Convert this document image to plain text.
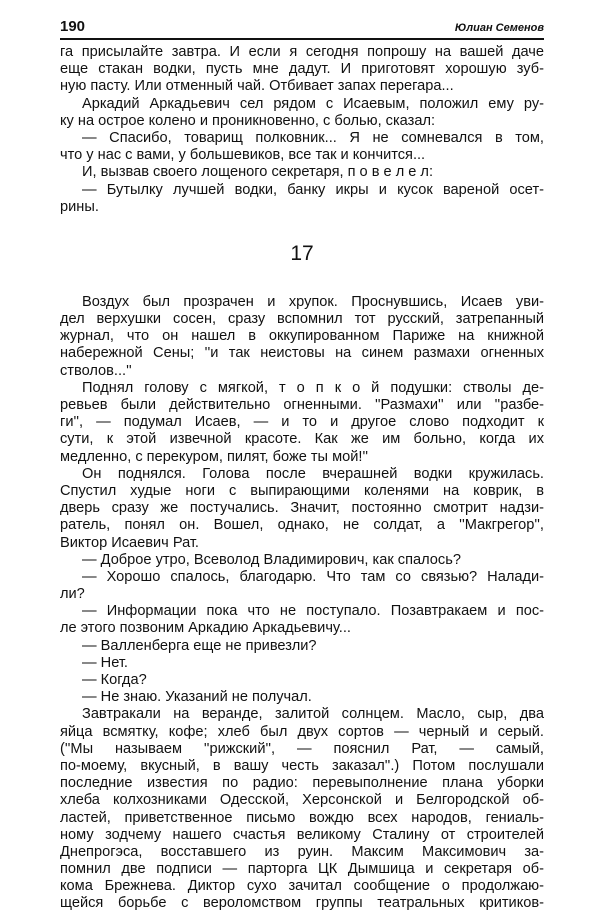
190	Юлиан Семенов
га присылайте завтра. И если я сегодня попрошу на вашей даче
еще стакан водки, пусть мне дадут. И приготовят хорошую зуб-
ную пасту. Или отменный чай. Отбивает запах перегара...
Аркадий Аркадьевич сел рядом с Исаевым, положил ему ру-
ку на острое колено и проникновенно, с болью, сказал:
— Спасибо, товарищ полковник... Я не сомневался в том,
что у нас с вами, у большевиков, все так и кончится...
И, вызвав своего лощеного секретаря, п о в е л е л:
— Бутылку лучшей водки, банку икры и кусок вареной осет-
рины.
17
Воздух был прозрачен и хрупок. Проснувшись, Исаев уви-
дел верхушки сосен, сразу вспомнил тот русский, затрепанный
журнал, что он нашел в оккупированном Париже на книжной
набережной Сены; ''и так неистовы на синем размахи огненных
стволов...''
Поднял голову с мягкой, т о п к о й подушки: стволы де-
ревьев были действительно огненными. ''Размахи'' или ''разбе-
ги'', — подумал Исаев, — и то и другое слово подходит к
сути, к этой извечной красоте. Как же им больно, когда их
медленно, с перекуром, пилят, боже ты мой!''
Он поднялся. Голова после вчерашней водки кружилась.
Спустил худые ноги с выпирающими коленями на коврик, в
дверь сразу же постучались. Значит, постоянно смотрит надзи-
ратель, понял он. Вошел, однако, не солдат, а ''Макгрегор'',
Виктор Исаевич Рат.
— Доброе утро, Всеволод Владимирович, как спалось?
— Хорошо спалось, благодарю. Что там со связью? Налади-
ли?
— Информации пока что не поступало. Позавтракаем и пос-
ле этого позвоним Аркадию Аркадьевичу...
— Валленберга еще не привезли?
— Нет.
— Когда?
— Не знаю. Указаний не получал.
Завтракали на веранде, залитой солнцем. Масло, сыр, два
яйца всмятку, кофе; хлеб был двух сортов — черный и серый.
(''Мы называем ''рижский'', — пояснил Рат, — самый,
по-моему, вкусный, в вашу честь заказал''.) Потом послушали
последние известия по радио: перевыполнение плана уборки
хлеба колхозниками Одесской, Херсонской и Белгородской об-
ластей, приветственное письмо вождю всех народов, гениаль-
ному зодчему нашего счастья великому Сталину от строителей
Днепрогэса, восставшего из руин. Максим Максимович за-
помнил две подписи — парторга ЦК Дымшица и секретаря об-
кома Брежнева. Диктор сухо зачитал сообщение о продолжаю-
щейся борьбе с вероломством группы театральных критиков-
